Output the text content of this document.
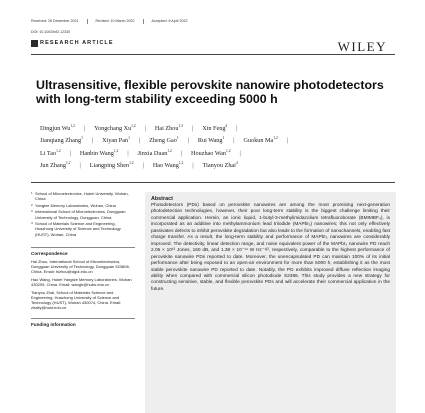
Received: 28 December 2021	Revised: 10 March 2022	Accepted: 6 April 2022
DOI: 10.1002/inf2.12330
RESEARCH ARTICLE	WILEY
Ultrasensitive, flexible perovskite nanowire photodetectors with long-term stability exceeding 5000 h
Dingjun Wu$^{1,2}$ | Yongchang Xu$^{1,2}$ | Hai Zhou$^{1,3}$ | Xin Feng$^4$ |
Jianqiang Zhang$^1$ | Xiyan Pan$^1$ | Zheng Gao$^1$ | Rui Wang$^1$ | Guokun Ma$^{1,2}$ |
Li Tao$^{1,2}$ | Hanbin Wang$^{1,2}$ | Jinxia Duan$^{1,2}$ | Houzhao Wan$^{1,2}$ |
Jun Zhang$^{1,2}$ | Liangping Shen$^{1,2}$ | Hao Wang$^{1,2}$ | Tianyou Zhai$^4$
1 School of Microelectronics, Hubei University, Wuhan, China
2 Yangtze Memory Laboratories, Wuhan, China
3 International School of Microelectronics, Dongguan University of Technology, Dongguan, China
4 School of Materials Science and Engineering, Huazhong University of Science and Technology (HUST), Wuhan, China
Correspondence
Hai Zhou, International School of Microelectronics, Dongguan University of Technology, Dongguan 523808, China. Email: hizhou@dgut.edu.cn
Hao Wang, Hubei Yangtze Memory Laboratories, Wuhan 430205, China. Email: wangh@hubu.edu.cn
Tianyou Zhai, School of Materials Science and Engineering, Huazhong University of Science and Technology (HUST), Wuhan 430074, China. Email: zhaity@hust.edu.cn
Funding information
Abstract
Photodetectors (PDs) based on perovskite nanowires are among the most promising next-generation photodetection technologies, however, their poor long-term stability is the biggest challenge limiting their commercial application. Herein, an ionic liquid, 1-butyl-3-methylimidazolium tetrafluoroborate (BMIMBF₄), is incorporated as an additive into methylammonium lead triiodide (MAPbI₃) nanowires; this not only effectively passivates defects to inhibit perovskite degradation but also leads to the formation of nanochannels, enabling fast charge transfer. As a result, the long-term stability and performance of MAPbI₃ nanowires are considerably improved. The detectivity, linear detection range, and noise equivalent power of the MAPbI₃ nanowire PD reach 2.06 × 10¹³ Jones, 160 dB, and 1.38 × 10⁻¹⁴ W Hz⁻¹/², respectively, comparable to the highest performance of perovskite nanowire PDs reported to date. Moreover, the unencapsulated PD can maintain 100% of its initial performance after being exposed to an open-air environment for more than 5000 h, establishing it as the most stable perovskite nanowire PD reported to date. Notably, the PD exhibits improved diffuse reflection imaging ability when compared with commercial silicon photodiode S2386. This study provides a new strategy for constructing sensitive, stable, and flexible perovskite PDs and will accelerate their commercial application in the future.
